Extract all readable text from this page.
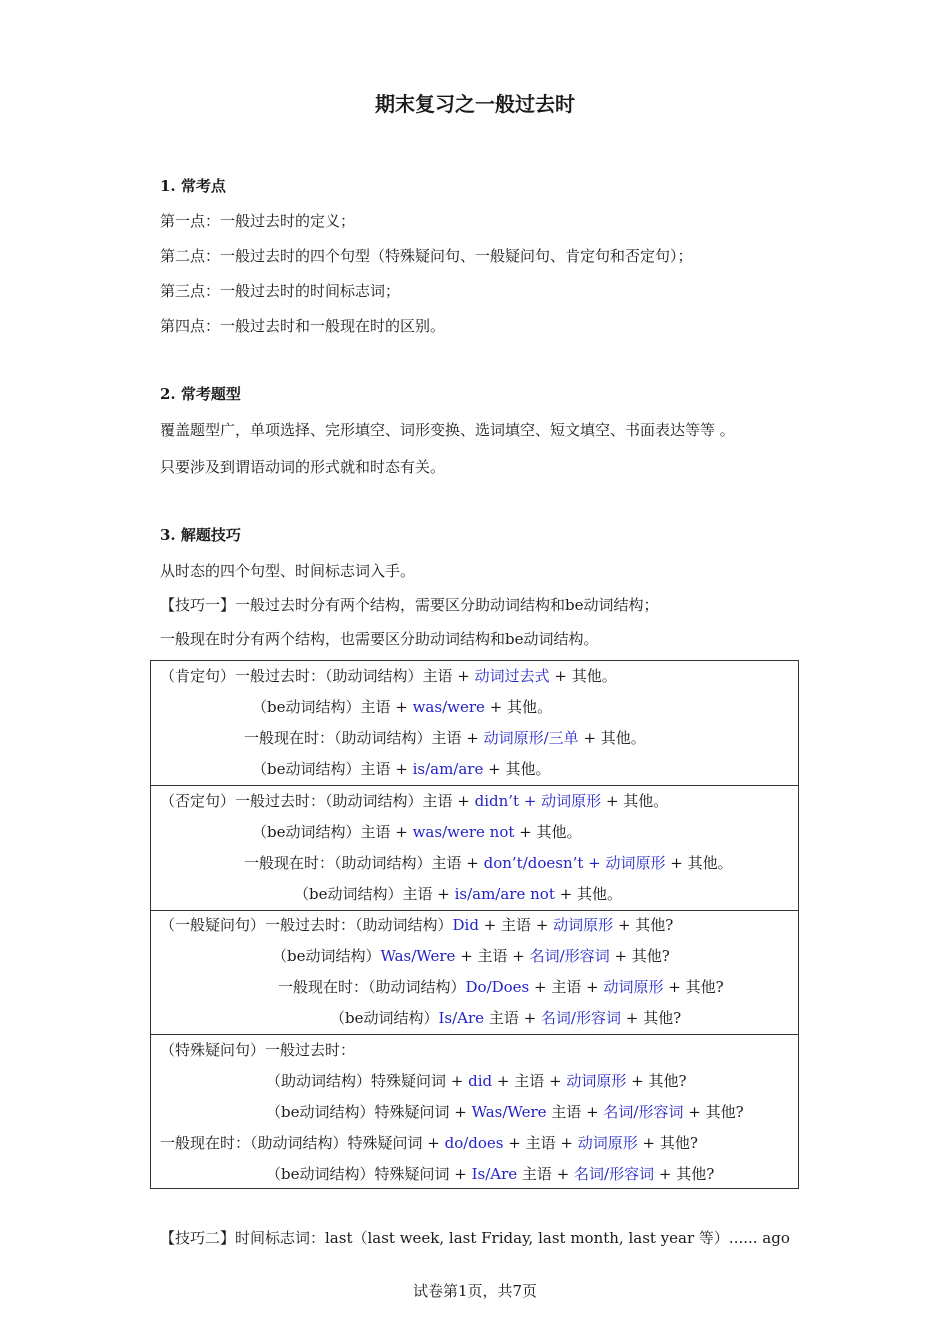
期末复习之一般过去时
1. 常考点
第一点：一般过去时的定义；
第二点：一般过去时的四个句型（特殊疑问句、一般疑问句、肯定句和否定句）；
第三点：一般过去时的时间标志词；
第四点：一般过去时和一般现在时的区别。
2. 常考题型
覆盖题型广，单项选择、完形填空、词形变换、选词填空、短文填空、书面表达等等 。
只要涉及到谓语动词的形式就和时态有关。
3. 解题技巧
从时态的四个句型、时间标志词入手。
【技巧一】一般过去时分有两个结构，需要区分助动词结构和be动词结构；
一般现在时分有两个结构，也需要区分助动词结构和be动词结构。
（肯定句）一般过去时：（助动词结构）主语 + 动词过去式 + 其他。
（be动词结构）主语 + was/were + 其他。
一般现在时：（助动词结构）主语 + 动词原形/三单 + 其他。
（be动词结构）主语 + is/am/are + 其他。
（否定句）一般过去时：（助动词结构）主语 + didn’t + 动词原形 + 其他。
（be动词结构）主语 + was/were not + 其他。
一般现在时：（助动词结构）主语 + don’t/doesn’t + 动词原形 + 其他。
（be动词结构）主语 + is/am/are not + 其他。
（一般疑问句）一般过去时：（助动词结构）Did + 主语 + 动词原形 + 其他?
（be动词结构）Was/Were + 主语 + 名词/形容词 + 其他?
一般现在时：（助动词结构）Do/Does + 主语 + 动词原形 + 其他?
（be动词结构）Is/Are 主语 + 名词/形容词 + 其他?
（特殊疑问句）一般过去时：
（助动词结构）特殊疑问词 + did + 主语 + 动词原形 + 其他?
（be动词结构）特殊疑问词 + Was/Were 主语 + 名词/形容词 + 其他?
一般现在时：（助动词结构）特殊疑问词 + do/does + 主语 + 动词原形 + 其他?
（be动词结构）特殊疑问词 + Is/Are 主语 + 名词/形容词 + 其他?
【技巧二】时间标志词：last（last week, last Friday, last month, last year 等）...... ago
试卷第1页，共7页
